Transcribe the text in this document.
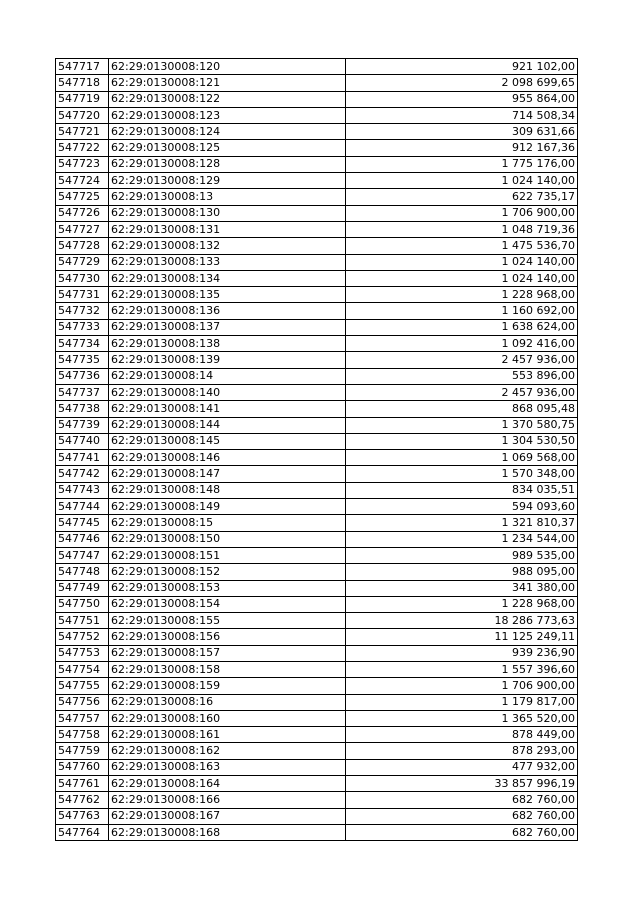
547717	62:29:0130008:120	921 102,00
547718	62:29:0130008:121	2 098 699,65
547719	62:29:0130008:122	955 864,00
547720	62:29:0130008:123	714 508,34
547721	62:29:0130008:124	309 631,66
547722	62:29:0130008:125	912 167,36
547723	62:29:0130008:128	1 775 176,00
547724	62:29:0130008:129	1 024 140,00
547725	62:29:0130008:13	622 735,17
547726	62:29:0130008:130	1 706 900,00
547727	62:29:0130008:131	1 048 719,36
547728	62:29:0130008:132	1 475 536,70
547729	62:29:0130008:133	1 024 140,00
547730	62:29:0130008:134	1 024 140,00
547731	62:29:0130008:135	1 228 968,00
547732	62:29:0130008:136	1 160 692,00
547733	62:29:0130008:137	1 638 624,00
547734	62:29:0130008:138	1 092 416,00
547735	62:29:0130008:139	2 457 936,00
547736	62:29:0130008:14	553 896,00
547737	62:29:0130008:140	2 457 936,00
547738	62:29:0130008:141	868 095,48
547739	62:29:0130008:144	1 370 580,75
547740	62:29:0130008:145	1 304 530,50
547741	62:29:0130008:146	1 069 568,00
547742	62:29:0130008:147	1 570 348,00
547743	62:29:0130008:148	834 035,51
547744	62:29:0130008:149	594 093,60
547745	62:29:0130008:15	1 321 810,37
547746	62:29:0130008:150	1 234 544,00
547747	62:29:0130008:151	989 535,00
547748	62:29:0130008:152	988 095,00
547749	62:29:0130008:153	341 380,00
547750	62:29:0130008:154	1 228 968,00
547751	62:29:0130008:155	18 286 773,63
547752	62:29:0130008:156	11 125 249,11
547753	62:29:0130008:157	939 236,90
547754	62:29:0130008:158	1 557 396,60
547755	62:29:0130008:159	1 706 900,00
547756	62:29:0130008:16	1 179 817,00
547757	62:29:0130008:160	1 365 520,00
547758	62:29:0130008:161	878 449,00
547759	62:29:0130008:162	878 293,00
547760	62:29:0130008:163	477 932,00
547761	62:29:0130008:164	33 857 996,19
547762	62:29:0130008:166	682 760,00
547763	62:29:0130008:167	682 760,00
547764	62:29:0130008:168	682 760,00
